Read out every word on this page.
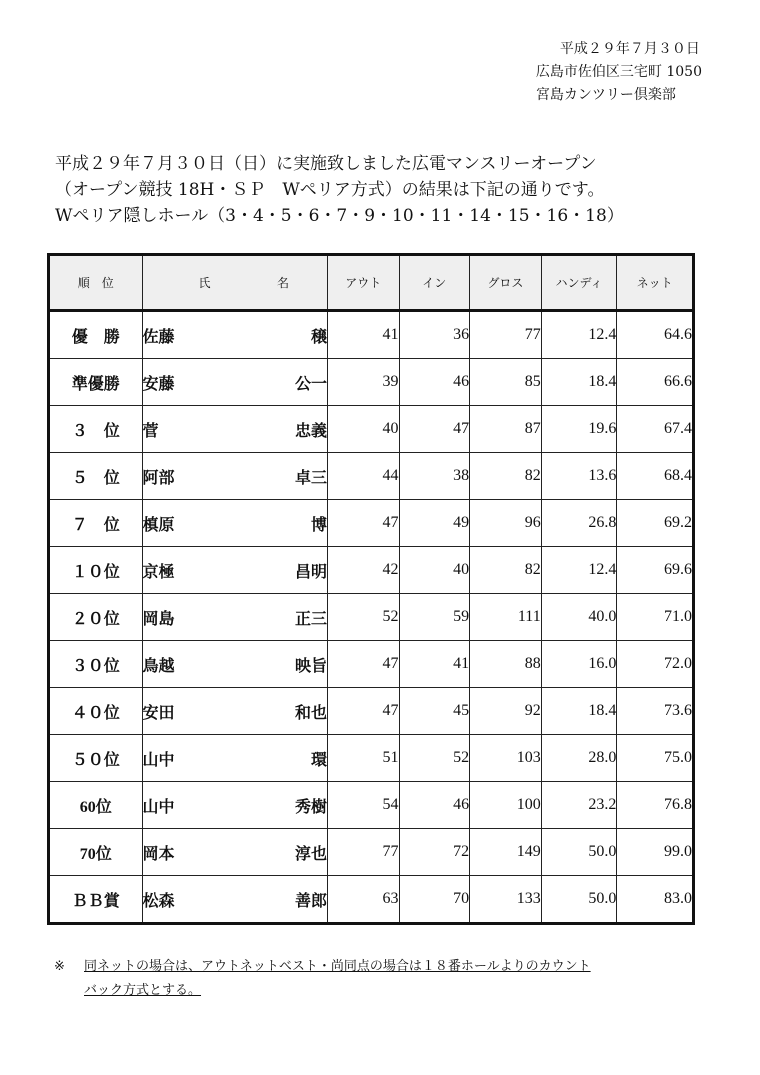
平成２９年７月３０日
広島市佐伯区三宅町 1050
宮島カンツリー倶楽部
平成２９年７月３０日（日）に実施致しました広電マンスリーオープン
（オープン競技 18H・ＳＰ　Wペリア方式）の結果は下記の通りです。
Wペリア隠しホール（3・4・5・6・7・9・10・11・14・15・16・18）
順　位	氏 名	アウト	イン	グロス	ハンディ	ネット
優　勝	佐藤 穣	41	36	77	12.4	64.6
準優勝	安藤 公一	39	46	85	18.4	66.6
３　位	菅 忠義	40	47	87	19.6	67.4
５　位	阿部 卓三	44	38	82	13.6	68.4
７　位	槙原 博	47	49	96	26.8	69.2
１０位	京極 昌明	42	40	82	12.4	69.6
２０位	岡島 正三	52	59	111	40.0	71.0
３０位	鳥越 映旨	47	41	88	16.0	72.0
４０位	安田 和也	47	45	92	18.4	73.6
５０位	山中 環	51	52	103	28.0	75.0
60位	山中 秀樹	54	46	100	23.2	76.8
70位	岡本 淳也	77	72	149	50.0	99.0
ＢＢ賞	松森 善郎	63	70	133	50.0	83.0
※ 同ネットの場合は、アウトネットベスト・尚同点の場合は１８番ホールよりのカウント
バック方式とする。
